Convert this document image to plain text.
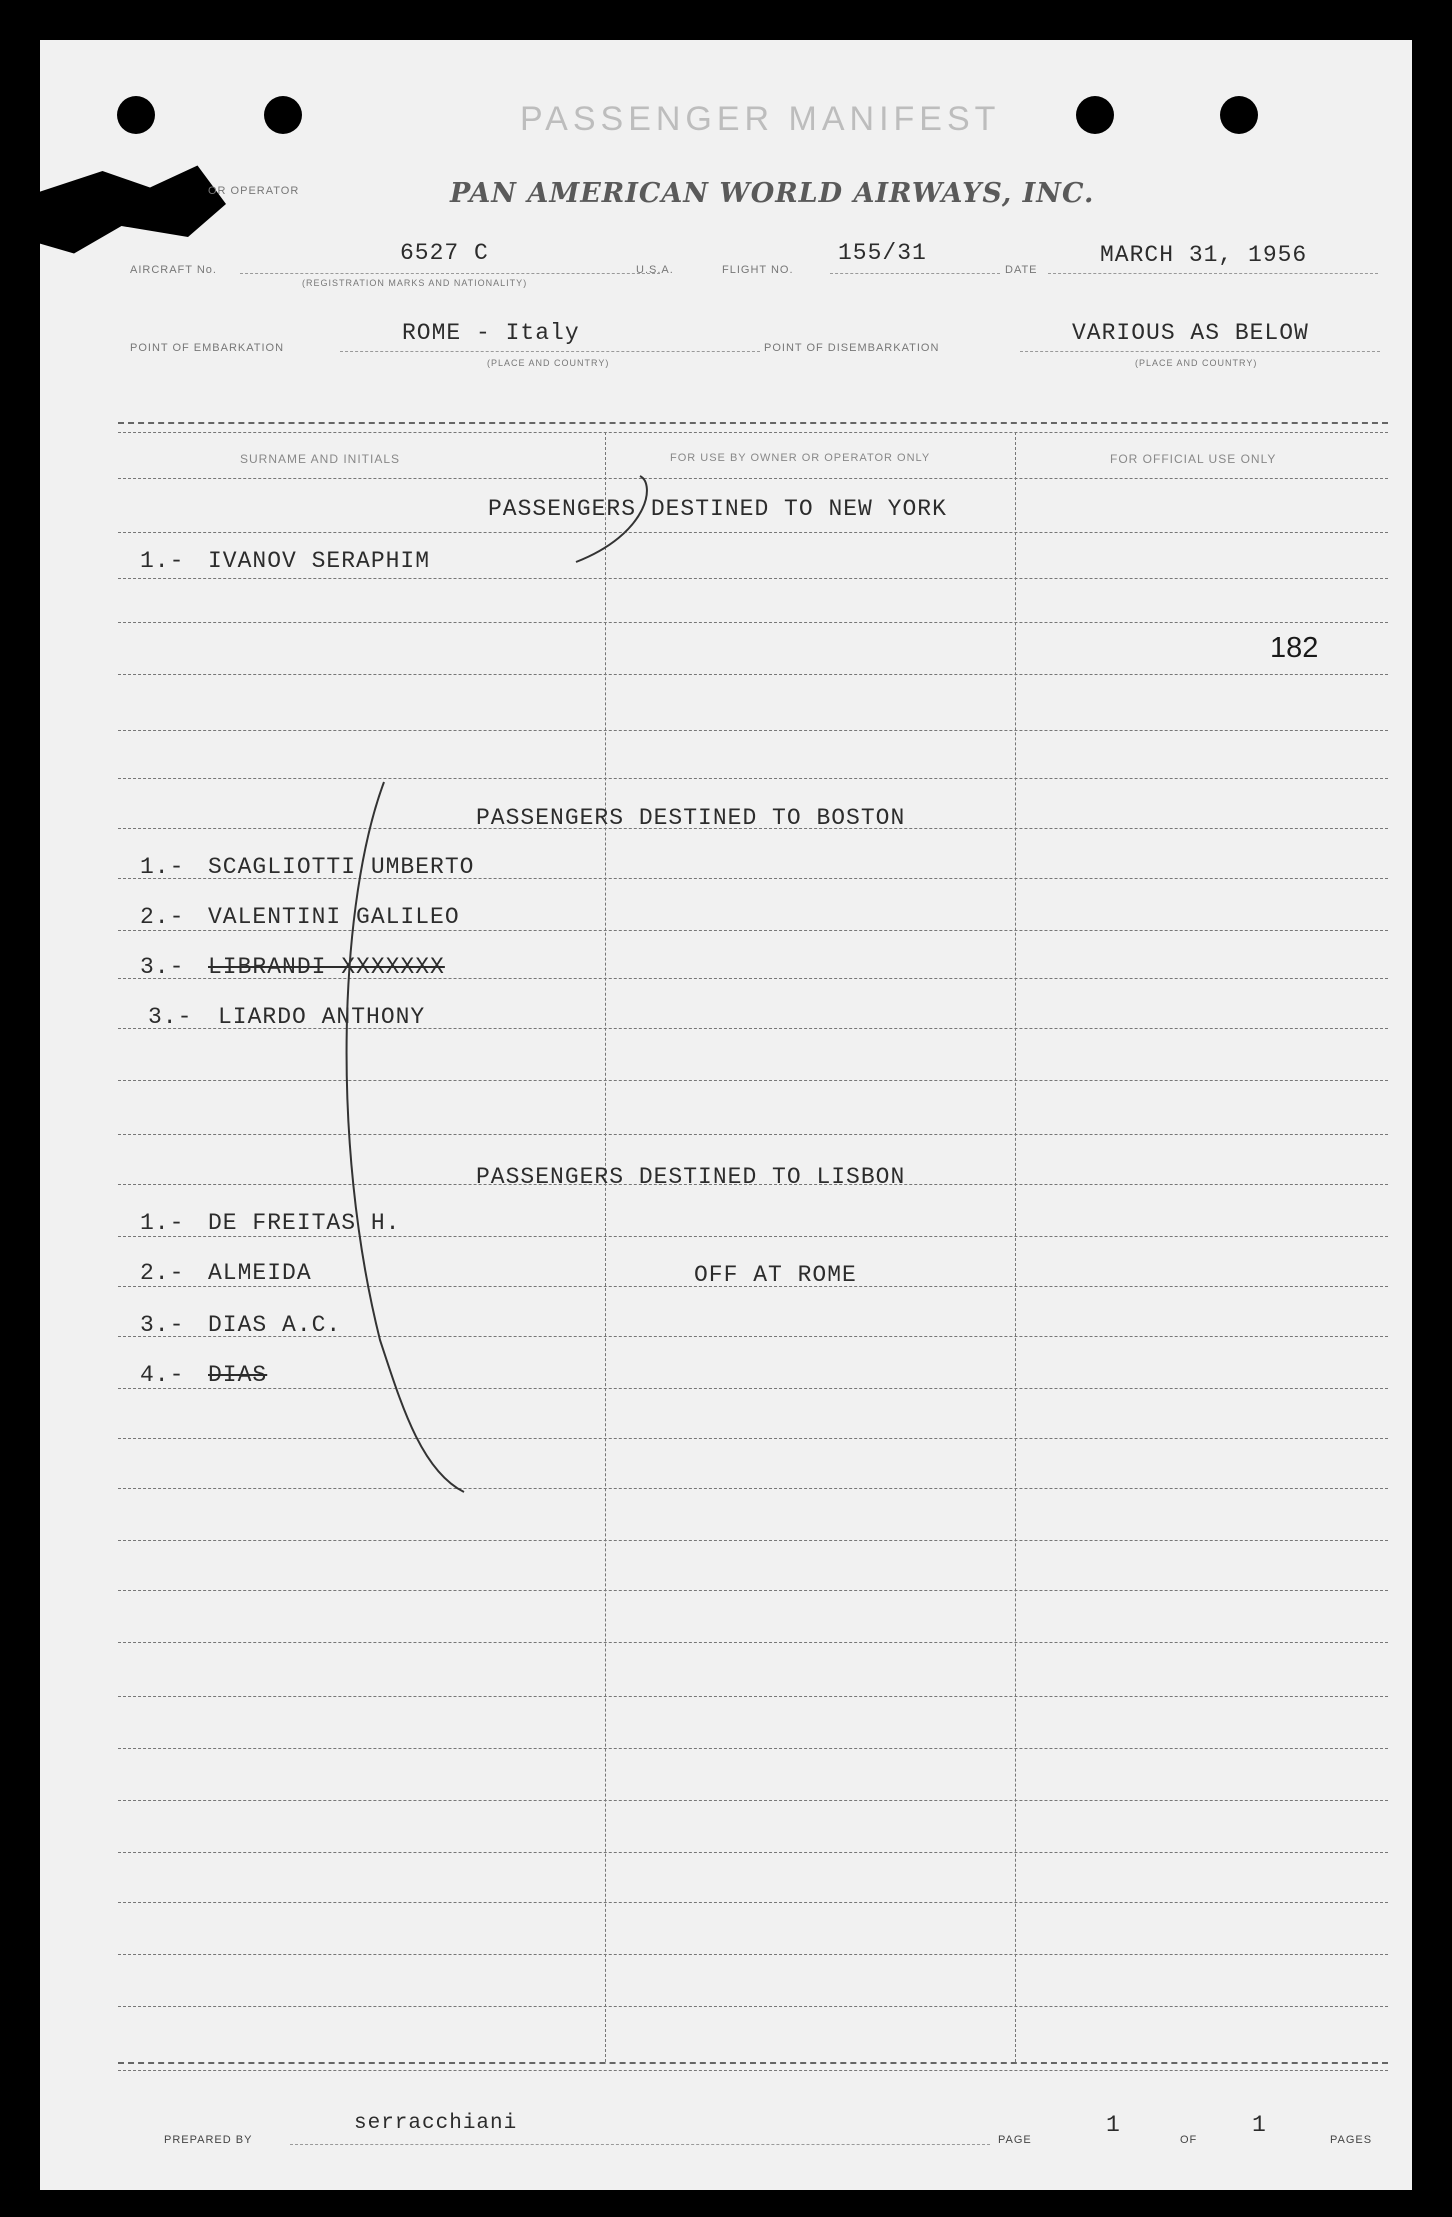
PASSENGER MANIFEST
OR OPERATOR	PAN AMERICAN WORLD AIRWAYS, INC.
AIRCRAFT No.
6527 C
(REGISTRATION MARKS AND NATIONALITY)
U.S.A.	FLIGHT NO.
155/31
DATE
MARCH 31, 1956
POINT OF EMBARKATION
ROME - Italy
(PLACE AND COUNTRY)
POINT OF DISEMBARKATION
VARIOUS AS BELOW
(PLACE AND COUNTRY)
SURNAME AND INITIALS	FOR USE BY OWNER OR OPERATOR ONLY	FOR OFFICIAL USE ONLY
182
PASSENGERS DESTINED TO NEW YORK
1.- IVANOV SERAPHIM
PASSENGERS DESTINED TO BOSTON
1.- SCAGLIOTTI UMBERTO
2.- VALENTINI GALILEO
3.- LIBRANDI XXXXXXX
3.- LIARDO ANTHONY
PASSENGERS DESTINED TO LISBON
1.- DE FREITAS H.
2.- ALMEIDA	OFF AT ROME
3.- DIAS A.C.
4.- DIAS
PREPARED BY
serracchiani
PAGE
1
OF
1
PAGES
